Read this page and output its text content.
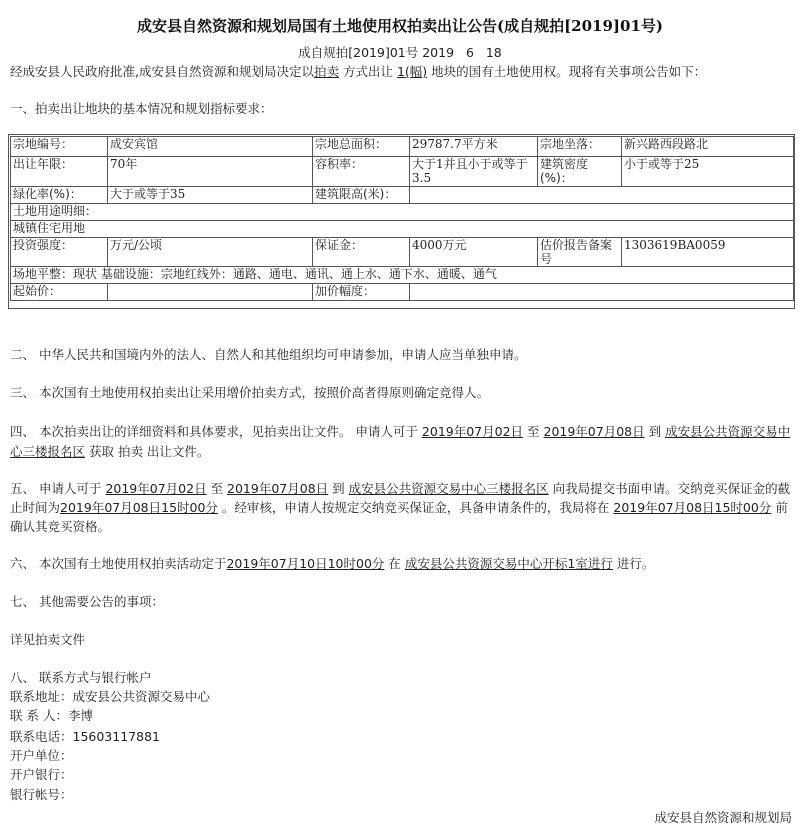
成安县自然资源和规划局国有土地使用权拍卖出让公告(成自规拍[2019]01号)
成自规拍[2019]01号 2019   6   18
经成安县人民政府批准,成安县自然资源和规划局决定以拍卖 方式出让 1(幅) 地块的国有土地使用权。现将有关事项公告如下：
一、拍卖出让地块的基本情况和规划指标要求：
宗地编号：	成安宾馆	宗地总面积：	29787.7平方米	宗地坐落：	新兴路西段路北
出让年限：	70年	容积率：	大于1并且小于或等于3.5	建筑密度(%)：	小于或等于25
绿化率(%)：	大于或等于35	建筑限高(米)：			
土地用途明细：					
城镇住宅用地					
投资强度：	万元/公顷	保证金：	4000万元	估价报告备案号	1303619BA0059
场地平整：现状 基础设施：宗地红线外：通路、通电、通讯、通上水、通下水、通暖、通气					
起始价：		加价幅度：			
二、 中华人民共和国境内外的法人、自然人和其他组织均可申请参加，申请人应当单独申请。
三、 本次国有土地使用权拍卖出让采用增价拍卖方式，按照价高者得原则确定竞得人。
四、 本次拍卖出让的详细资料和具体要求，见拍卖出让文件。 申请人可于 2019年07月02日 至 2019年07月08日 到 成安县公共资源交易中心三楼报名区 获取 拍卖 出让文件。
五、 申请人可于 2019年07月02日 至 2019年07月08日 到 成安县公共资源交易中心三楼报名区 向我局提交书面申请。交纳竞买保证金的截止时间为2019年07月08日15时00分 。经审核，申请人按规定交纳竞买保证金，具备申请条件的，我局将在 2019年07月08日15时00分 前确认其竞买资格。
六、 本次国有土地使用权拍卖活动定于2019年07月10日10时00分 在 成安县公共资源交易中心开标1室进行 进行。
七、 其他需要公告的事项：
详见拍卖文件
八、 联系方式与银行帐户
联系地址：成安县公共资源交易中心
联 系 人：李博
联系电话：15603117881
开户单位：
开户银行：
银行帐号：
成安县自然资源和规划局
